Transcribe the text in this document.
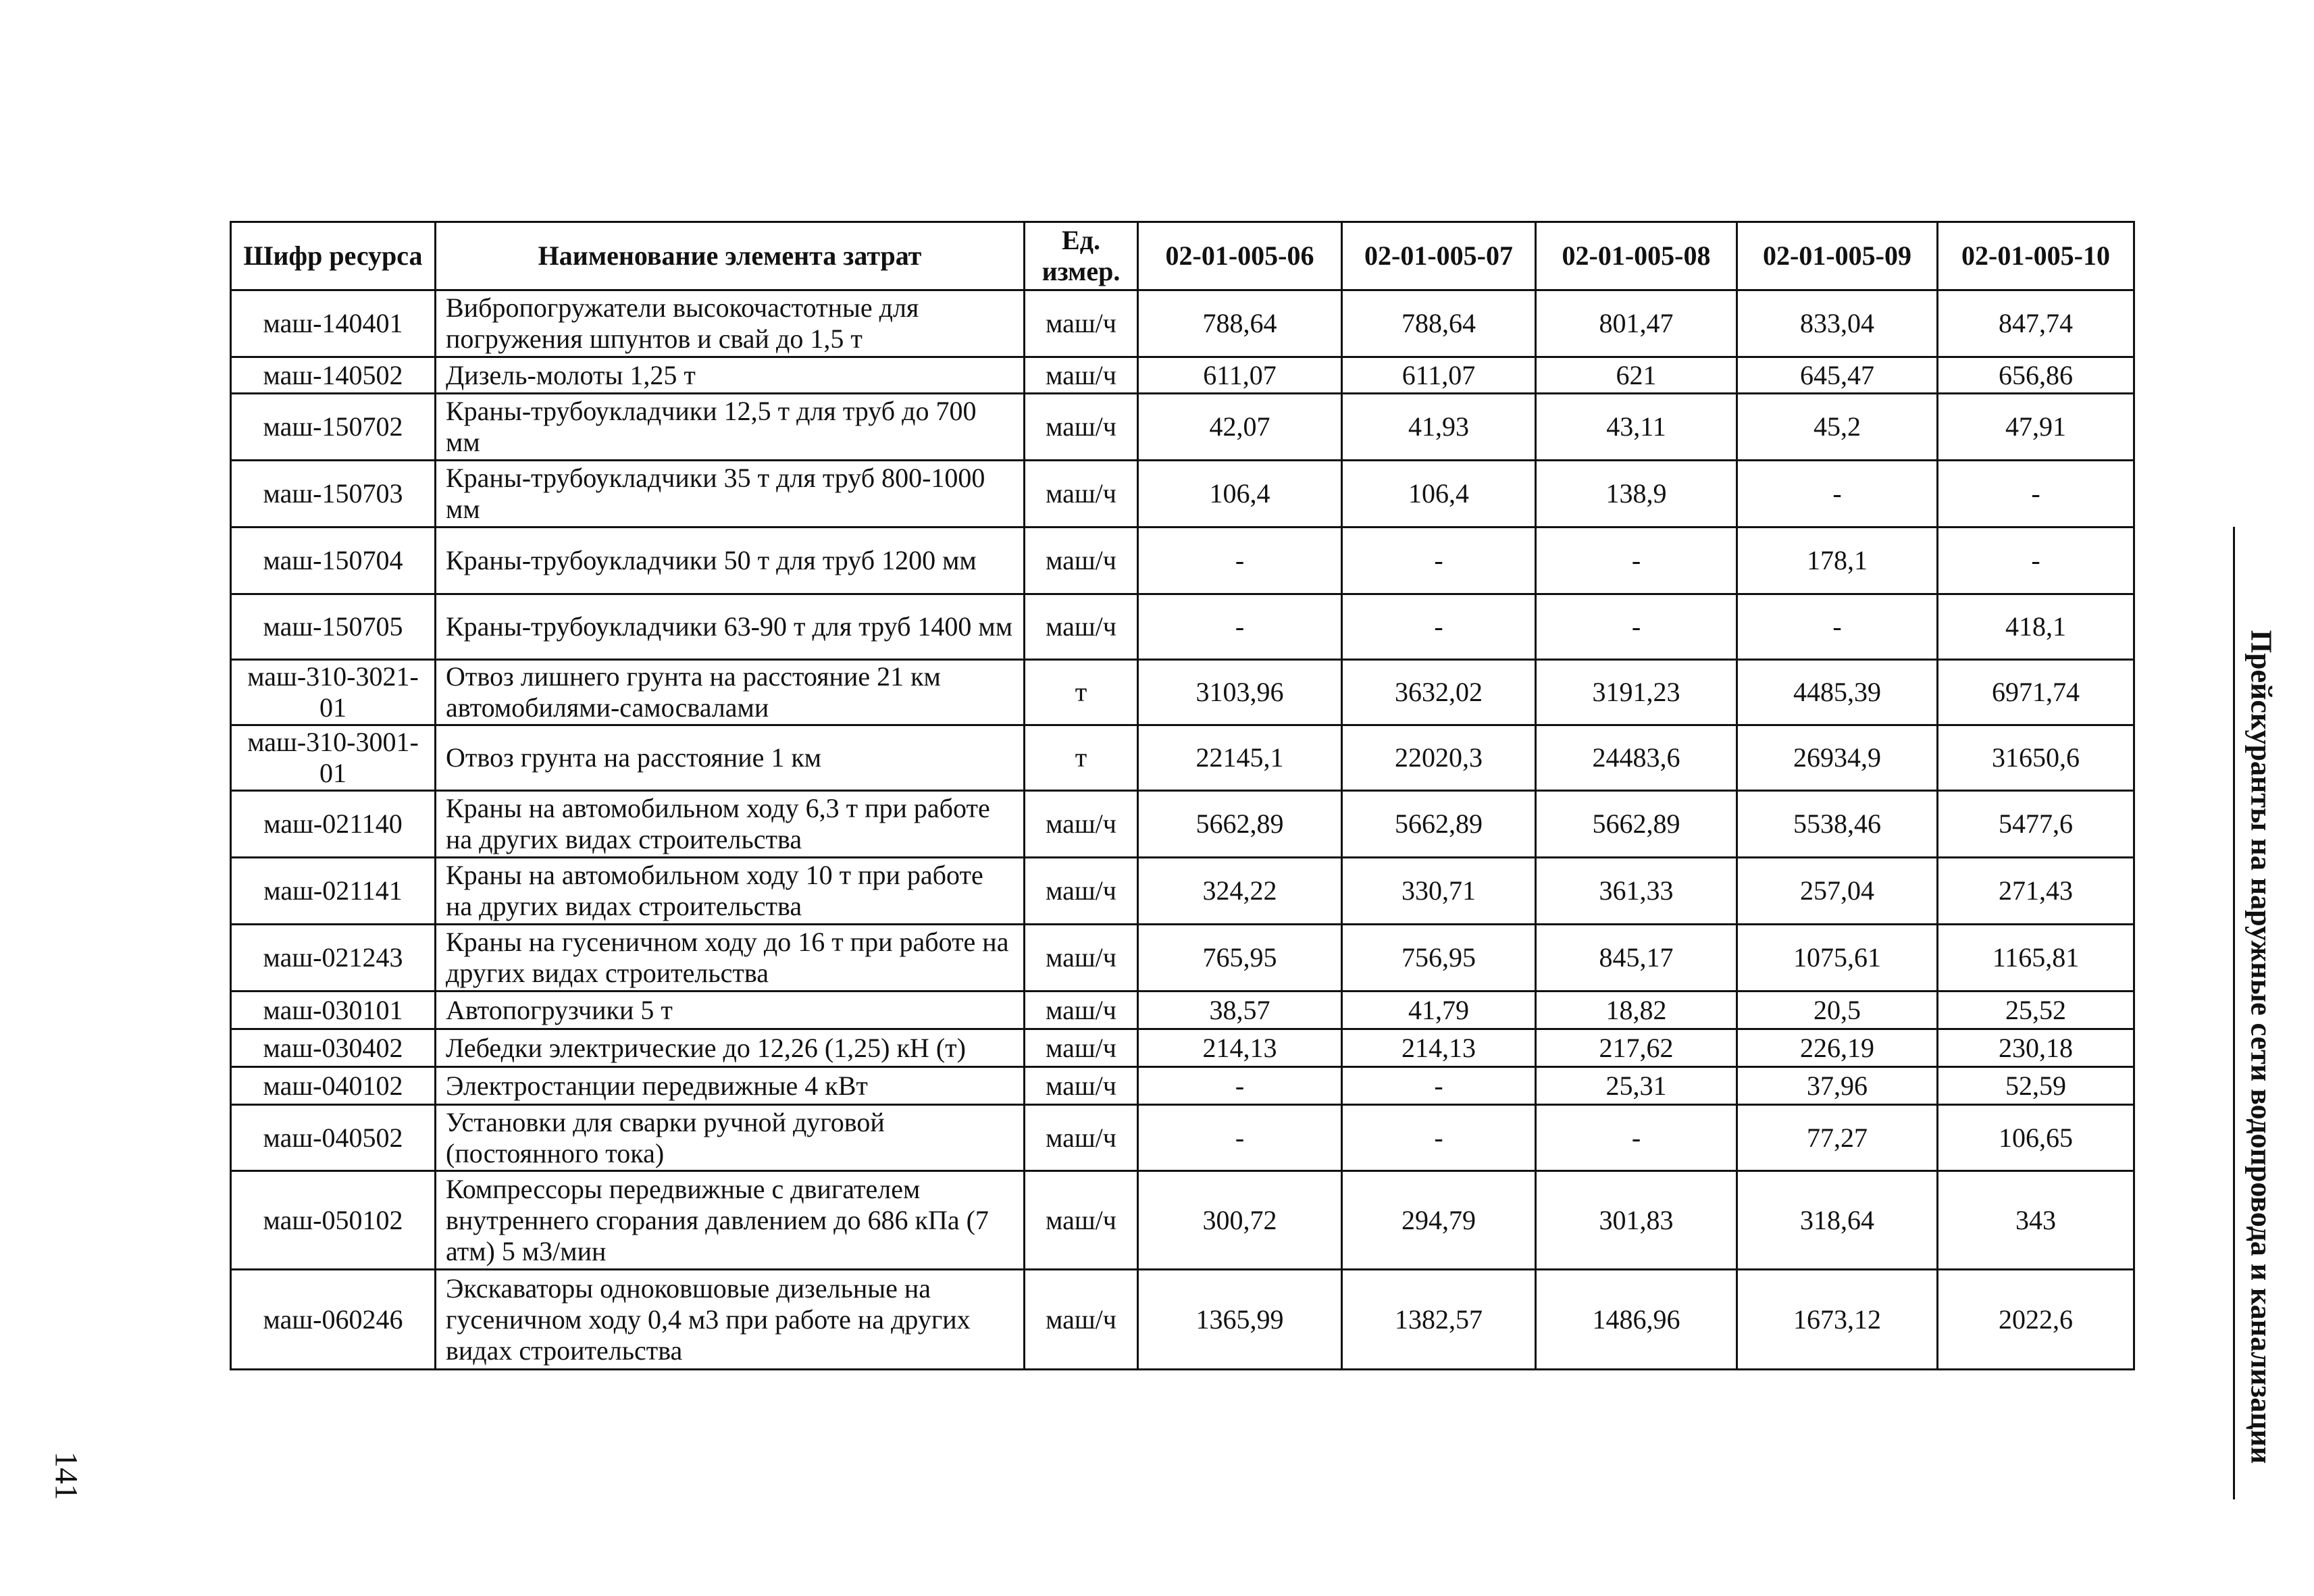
Шифр ресурса	Наименование элемента затрат	Ед. измер.	02-01-005-06	02-01-005-07	02-01-005-08	02-01-005-09	02-01-005-10
маш-140401	Вибропогружатели высокочастотные для погружения шпунтов и свай до 1,5 т	маш/ч	788,64	788,64	801,47	833,04	847,74
маш-140502	Дизель-молоты 1,25 т	маш/ч	611,07	611,07	621	645,47	656,86
маш-150702	Краны-трубоукладчики 12,5 т для труб до 700 мм	маш/ч	42,07	41,93	43,11	45,2	47,91
маш-150703	Краны-трубоукладчики 35 т для труб 800-1000 мм	маш/ч	106,4	106,4	138,9	-	-
маш-150704	Краны-трубоукладчики 50 т для труб 1200 мм	маш/ч	-	-	-	178,1	-
маш-150705	Краны-трубоукладчики 63-90 т для труб 1400 мм	маш/ч	-	-	-	-	418,1
маш-310-3021-01	Отвоз лишнего грунта на расстояние 21 км автомобилями-самосвалами	т	3103,96	3632,02	3191,23	4485,39	6971,74
маш-310-3001-01	Отвоз грунта на расстояние 1 км	т	22145,1	22020,3	24483,6	26934,9	31650,6
маш-021140	Краны на автомобильном ходу 6,3 т при работе на других видах строительства	маш/ч	5662,89	5662,89	5662,89	5538,46	5477,6
маш-021141	Краны на автомобильном ходу 10 т при работе на других видах строительства	маш/ч	324,22	330,71	361,33	257,04	271,43
маш-021243	Краны на гусеничном ходу до 16 т при работе на других видах строительства	маш/ч	765,95	756,95	845,17	1075,61	1165,81
маш-030101	Автопогрузчики 5 т	маш/ч	38,57	41,79	18,82	20,5	25,52
маш-030402	Лебедки электрические до 12,26 (1,25) кН (т)	маш/ч	214,13	214,13	217,62	226,19	230,18
маш-040102	Электростанции передвижные 4 кВт	маш/ч	-	-	25,31	37,96	52,59
маш-040502	Установки для сварки ручной дуговой (постоянного тока)	маш/ч	-	-	-	77,27	106,65
маш-050102	Компрессоры передвижные с двигателем внутреннего сгорания давлением до 686 кПа (7 атм) 5 м3/мин	маш/ч	300,72	294,79	301,83	318,64	343
маш-060246	Экскаваторы одноковшовые дизельные на гусеничном ходу 0,4 м3 при работе на других видах строительства	маш/ч	1365,99	1382,57	1486,96	1673,12	2022,6	Прейскуранты на наружные сети водопровода и канализации
141
